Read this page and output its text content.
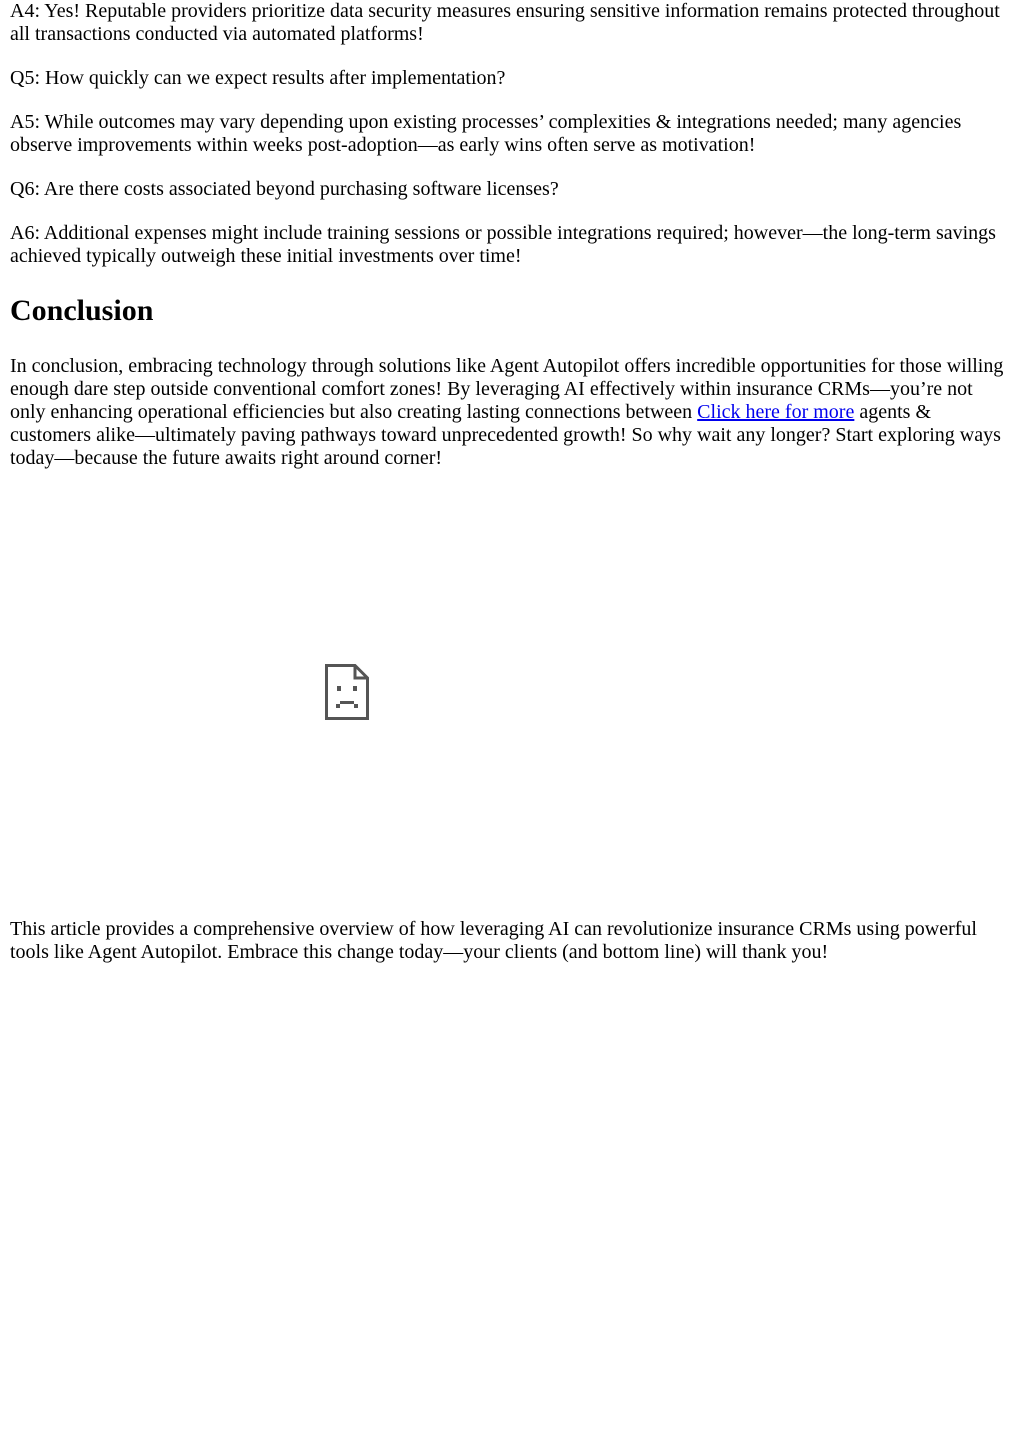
A4: Yes! Reputable providers prioritize data security measures ensuring sensitive information remains protected throughout all transactions conducted via automated platforms!

Q5: How quickly can we expect results after implementation?

A5: While outcomes may vary depending upon existing processes’ complexities & integrations needed; many agencies observe improvements within weeks post-adoption—as early wins often serve as motivation!

Q6: Are there costs associated beyond purchasing software licenses?

A6: Additional expenses might include training sessions or possible integrations required; however—the long-term savings achieved typically outweigh these initial investments over time!

Conclusion

In conclusion, embracing technology through solutions like Agent Autopilot offers incredible opportunities for those willing enough dare step outside conventional comfort zones! By leveraging AI effectively within insurance CRMs—you’re not only enhancing operational efficiencies but also creating lasting connections between Click here for more agents & customers alike—ultimately paving pathways toward unprecedented growth! So why wait any longer? Start exploring ways today—because the future awaits right around corner!

This article provides a comprehensive overview of how leveraging AI can revolutionize insurance CRMs using powerful tools like Agent Autopilot. Embrace this change today—your clients (and bottom line) will thank you!
